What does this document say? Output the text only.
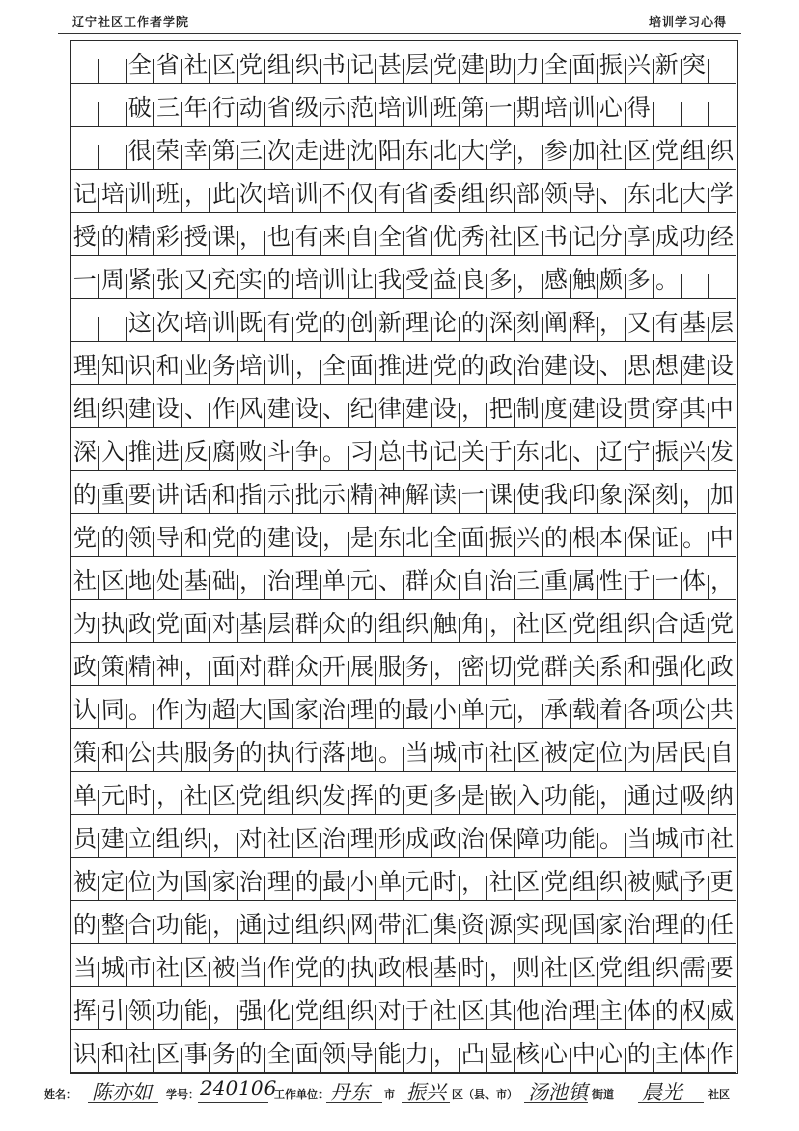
辽宁社区工作者学院	培训学习心得

全 省 社 区 党 组 织 书 记 甚 层 党 建 助 力 全 面 振 兴 新 突

破 三 年 行 动 省 级 示 范 培 训 班 第 一 期 培 训 心 得

很 荣 幸 第 三 次 走 进 沈 阳 东 北 大 学 ， 参 加 社 区 党 组 织
记 培 训 班 ， 此 次 培 训 不 仅 有 省 委 组 织 部 领 导 、 东 北 大 学
授 的 精 彩 授 课 ， 也 有 来 自 全 省 优 秀 社 区 书 记 分 享 成 功 经
一 周 紧 张 又 充 实 的 培 训 让 我 受 益 良 多 ， 感 触 颇 多 。

这 次 培 训 既 有 党 的 创 新 理 论 的 深 刻 阐 释 ， 又 有 基 层
理 知 识 和 业 务 培 训 ， 全 面 推 进 党 的 政 治 建 设 、 思 想 建 设
组 织 建 设 、 作 风 建 设 、 纪 律 建 设 ， 把 制 度 建 设 贯 穿 其 中
深 入 推 进 反 腐 败 斗 争 。 习 总 书 记 关 于 东 北 、 辽 宁 振 兴 发
的 重 要 讲 话 和 指 示 批 示 精 神 解 读 一 课 使 我 印 象 深 刻 ， 加
党 的 领 导 和 党 的 建 设 ， 是 东 北 全 面 振 兴 的 根 本 保 证 。 中
社 区 地 处 基 础 ， 治 理 单 元 、 群 众 自 治 三 重 属 性 于 一 体 ，
为 执 政 党 面 对 基 层 群 众 的 组 织 触 角 ， 社 区 党 组 织 合 适 党
政 策 精 神 ， 面 对 群 众 开 展 服 务 ， 密 切 党 群 关 系 和 强 化 政
认 同 。 作 为 超 大 国 家 治 理 的 最 小 单 元 ， 承 载 着 各 项 公 共
策 和 公 共 服 务 的 执 行 落 地 。 当 城 市 社 区 被 定 位 为 居 民 自
单 元 时 ， 社 区 党 组 织 发 挥 的 更 多 是 嵌 入 功 能 ， 通 过 吸 纳
员 建 立 组 织 ， 对 社 区 治 理 形 成 政 治 保 障 功 能 。 当 城 市 社
被 定 位 为 国 家 治 理 的 最 小 单 元 时 ， 社 区 党 组 织 被 赋 予 更
的 整 合 功 能 ， 通 过 组 织 网 带 汇 集 资 源 实 现 国 家 治 理 的 任
当 城 市 社 区 被 当 作 党 的 执 政 根 基 时 ， 则 社 区 党 组 织 需 要
挥 引 领 功 能 ， 强 化 党 组 织 对 于 社 区 其 他 治 理 主 体 的 权 威
识 和 社 区 事 务 的 全 面 领 导 能 力 ， 凸 显 核 心 中 心 的 主 体 作
姓名： 陈亦如 学号： 240106
工作单位： 丹东 市 振兴 区（县、市） 汤池镇 街道 晨光 社区
